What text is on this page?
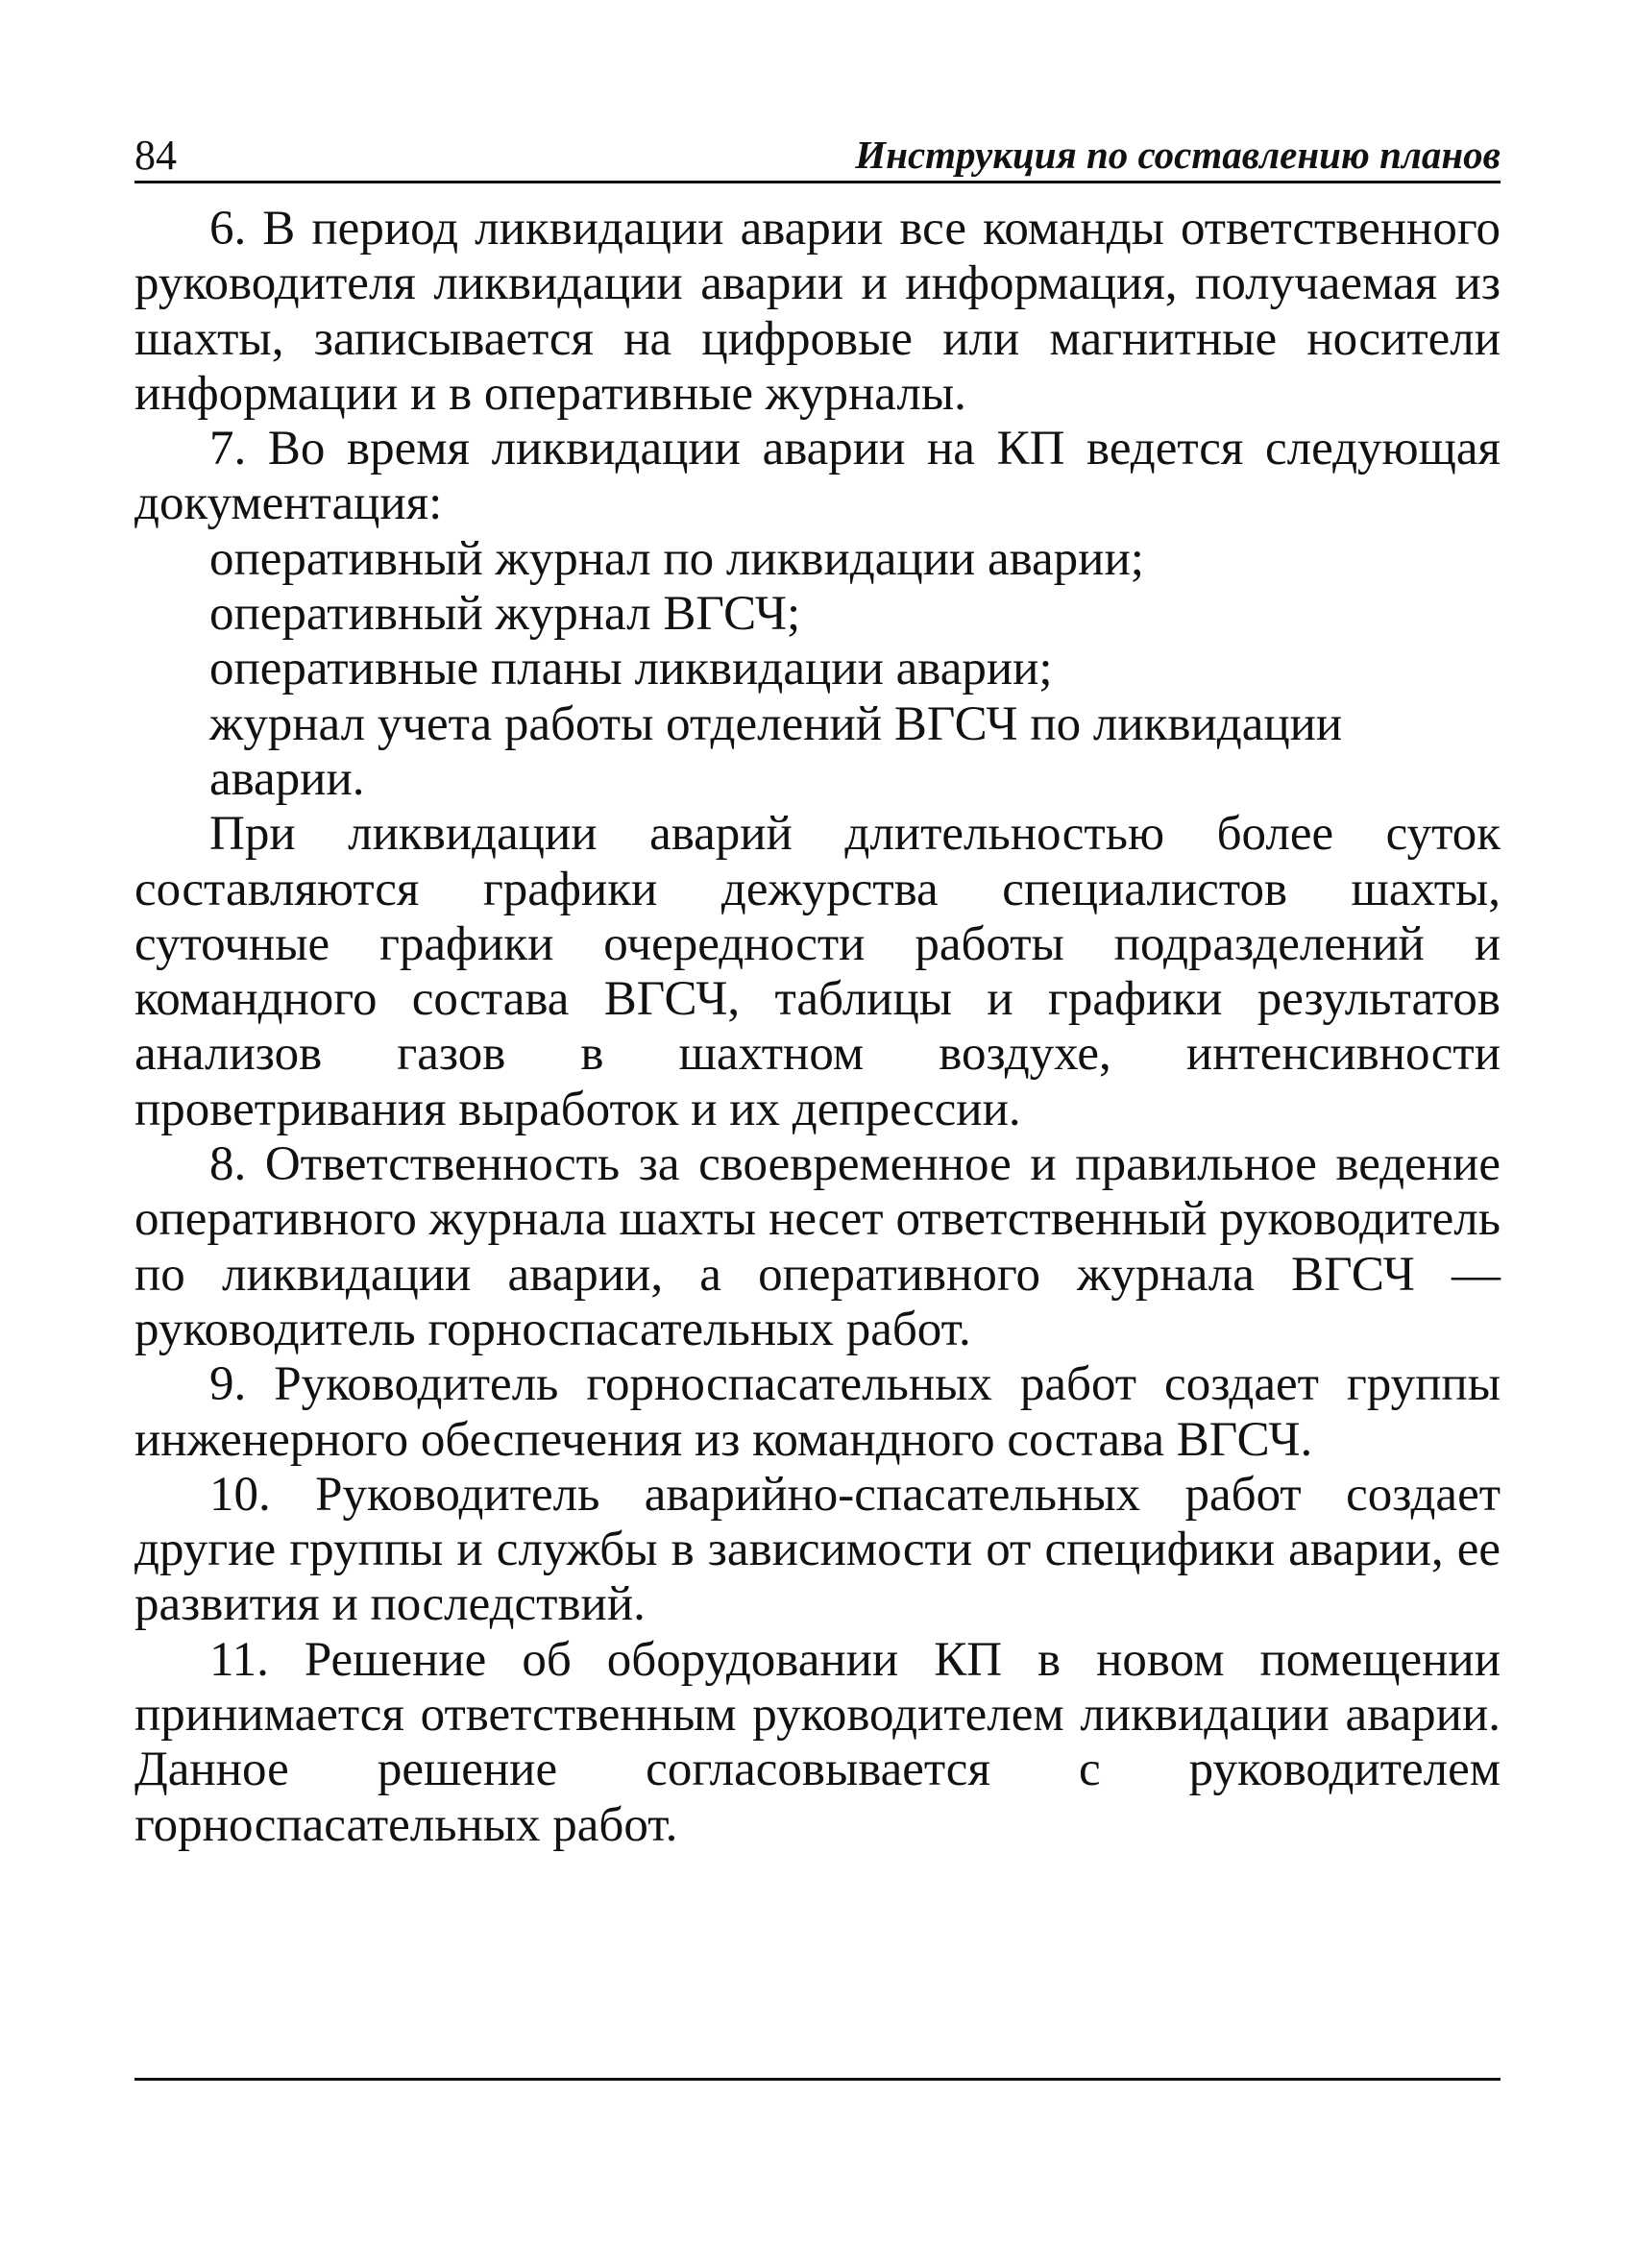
84	Инструкция по составлению планов

6. В период ликвидации аварии все команды ответственного руководителя ликвидации аварии и информация, получаемая из шахты, записывается на цифровые или магнитные носители информации и в оперативные журналы.

7. Во время ликвидации аварии на КП ведется следующая документация:

оперативный журнал по ликвидации аварии;

оперативный журнал ВГСЧ;

оперативные планы ликвидации аварии;

журнал учета работы отделений ВГСЧ по ликвидации аварии.

При ликвидации аварий длительностью более суток составляются графики дежурства специалистов шахты, суточные графики очередности работы подразделений и командного состава ВГСЧ, таблицы и графики результатов анализов газов в шахтном воздухе, интенсивности проветривания выработок и их депрессии.

8. Ответственность за своевременное и правильное ведение оперативного журнала шахты несет ответственный руководитель по ликвидации аварии, а оперативного журнала ВГСЧ — руководитель горноспасательных работ.

9. Руководитель горноспасательных работ создает группы инженерного обеспечения из командного состава ВГСЧ.

10. Руководитель аварийно-спасательных работ создает другие группы и службы в зависимости от специфики аварии, ее развития и последствий.

11. Решение об оборудовании КП в новом помещении принимается ответственным руководителем ликвидации аварии. Данное решение согласовывается с руководителем горноспасательных работ.
